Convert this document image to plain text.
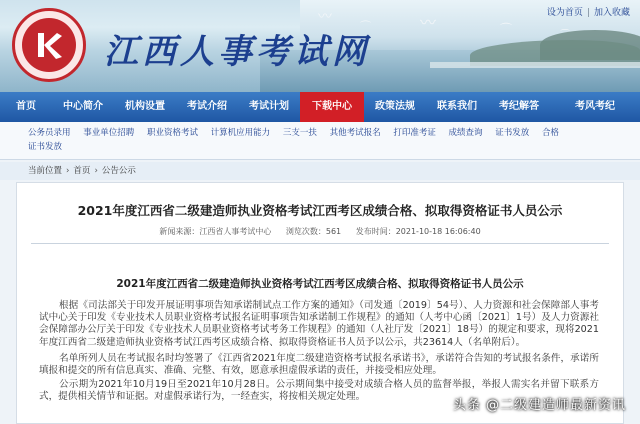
〰
⌒	〰	⌒	⌒
江西人事考试网
设为首页 | 加入收藏
首页	中心简介	机构设置	考试介绍	考试计划	下载中心	政策法规	联系我们	考纪解答	考风考纪
公务员录用 事业单位招聘 职业资格考试 计算机应用能力 三支一扶 其他考试报名 打印准考证 成绩查询 证书发放 合格
证书发放
当前位置 › 首页 › 公告公示
2021年度江西省二级建造师执业资格考试江西考区成绩合格、拟取得资格证书人员公示
新闻来源：江西省人事考试中心 浏览次数：561 发布时间：2021-10-18 16:06:40
2021年度江西省二级建造师执业资格考试江西考区成绩合格、拟取得资格证书人员公示
根据《司法部关于印发开展证明事项告知承诺制试点工作方案的通知》（司发通〔2019〕54号）、人力资源和社会保障部人事考试中心关于印发《专业技术人员职业资格考试报名证明事项告知承诺制工作规程》的通知（人考中心函〔2021〕1号）及人力资源社会保障部办公厅关于印发《专业技术人员职业资格考试考务工作规程》的通知（人社厅发〔2021〕18号）的规定和要求，现将2021年度江西省二级建造师执业资格考试江西考区成绩合格、拟取得资格证书人员予以公示，共23614人（名单附后）。
名单所列人员在考试报名时均签署了《江西省2021年度二级建造资格考试报名承诺书》，承诺符合告知的考试报名条件，承诺所填报和提交的所有信息真实、准确、完整、有效，愿意承担虚假承诺的责任，并接受相应处理。
公示期为2021年10月19日至2021年10月28日。公示期间集中接受对成绩合格人员的监督举报，举报人需实名并留下联系方式，提供相关情节和证据。对虚假承诺行为，一经查实，将按相关规定处理。
头条 @二级建造师最新资讯
